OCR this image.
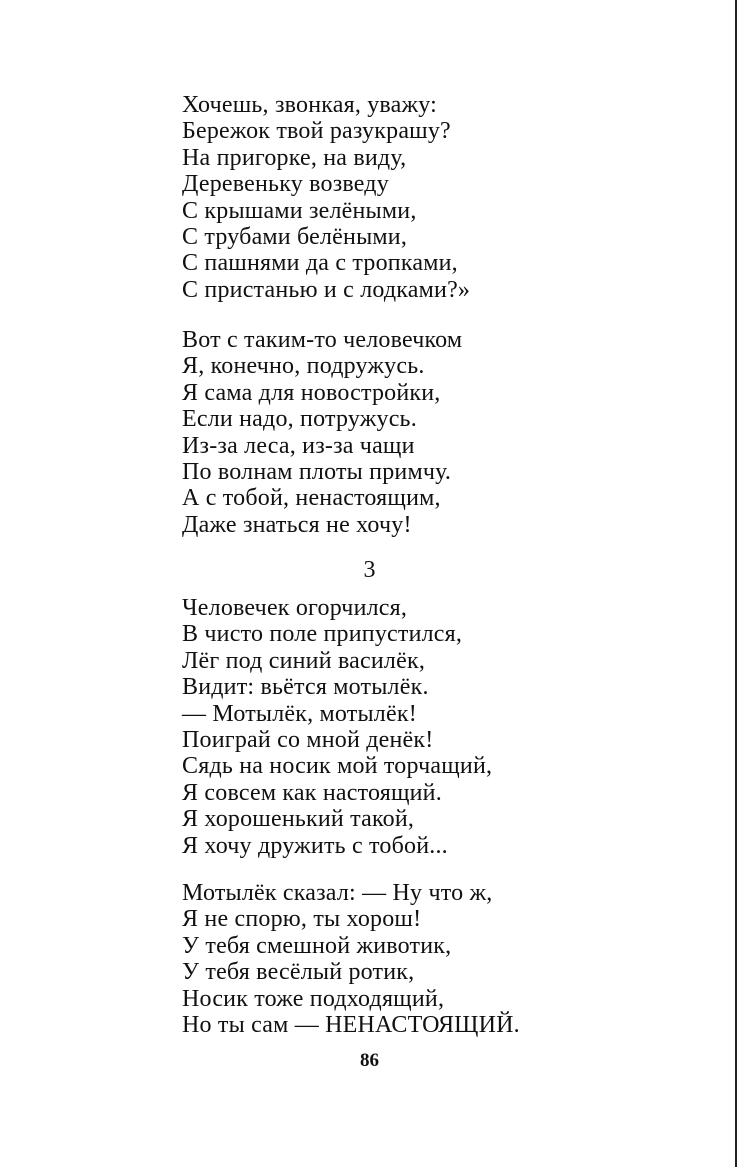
Хочешь, звонкая, уважу:
Бережок твой разукрашу?
На пригорке, на виду,
Деревеньку возведу
С крышами зелёными,
С трубами белёными,
С пашнями да с тропками,
С пристанью и с лодками?»
Вот с таким-то человечком
Я, конечно, подружусь.
Я сама для новостройки,
Если надо, потружусь.
Из-за леса, из-за чащи
По волнам плоты примчу.
А с тобой, ненастоящим,
Даже знаться не хочу!
3
Человечек огорчился,
В чисто поле припустился,
Лёг под синий василёк,
Видит: вьётся мотылёк.
— Мотылёк, мотылёк!
Поиграй со мной денёк!
Сядь на носик мой торчащий,
Я совсем как настоящий.
Я хорошенький такой,
Я хочу дружить с тобой...
Мотылёк сказал: — Ну что ж,
Я не спорю, ты хорош!
У тебя смешной животик,
У тебя весёлый ротик,
Носик тоже подходящий,
Но ты сам — НЕНАСТОЯЩИЙ.
86
